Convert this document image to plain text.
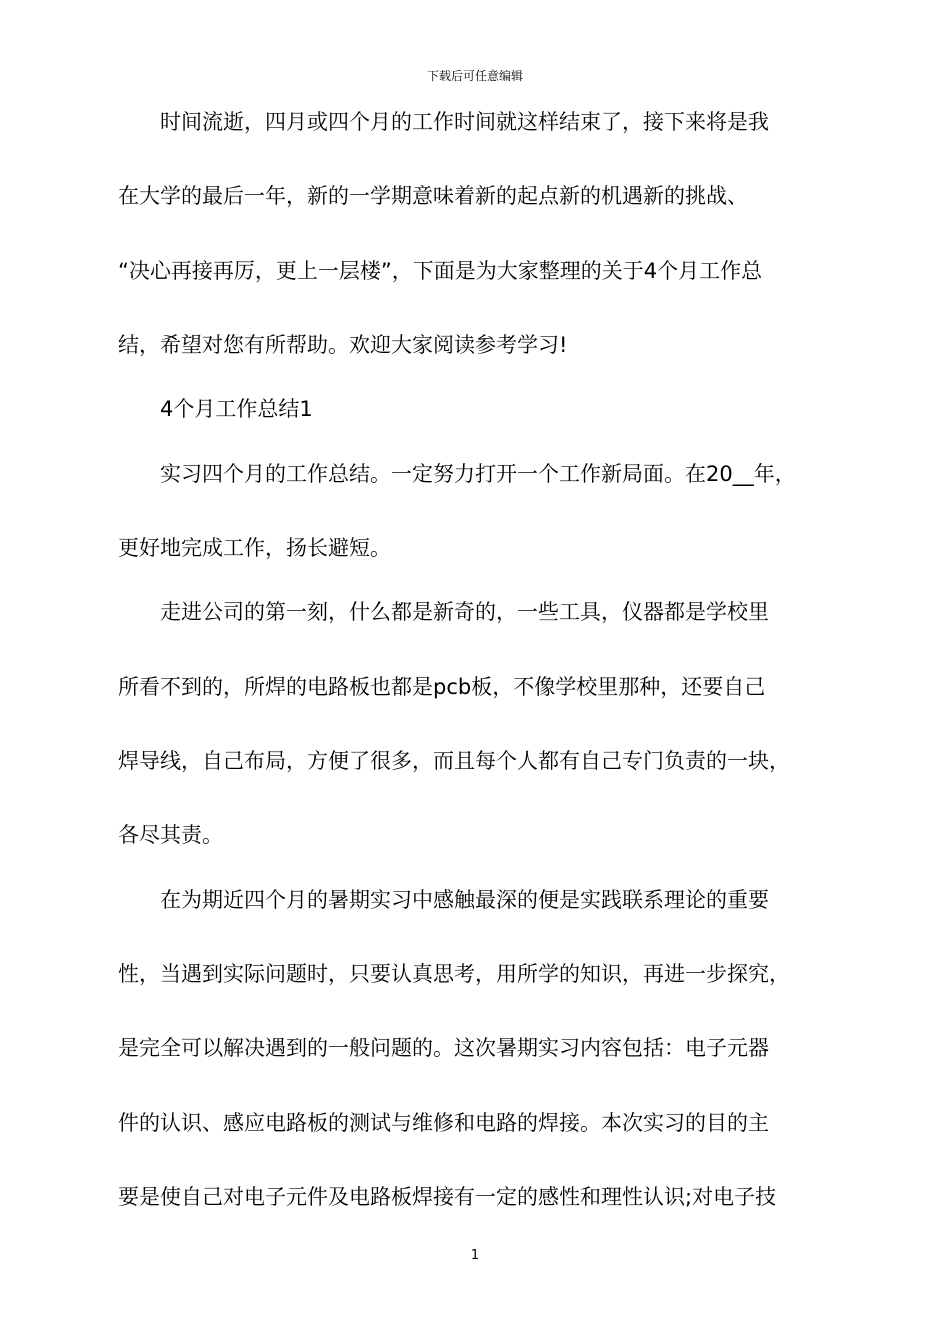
下载后可任意编辑
时间流逝，四月或四个月的工作时间就这样结束了，接下来将是我
在大学的最后一年，新的一学期意味着新的起点新的机遇新的挑战、
“决心再接再厉，更上一层楼”，下面是为大家整理的关于4个月工作总
结，希望对您有所帮助。欢迎大家阅读参考学习!
4个月工作总结1
实习四个月的工作总结。一定努力打开一个工作新局面。在20__年，
更好地完成工作，扬长避短。
走进公司的第一刻，什么都是新奇的，一些工具，仪器都是学校里
所看不到的，所焊的电路板也都是pcb板，不像学校里那种，还要自己
焊导线，自己布局，方便了很多，而且每个人都有自己专门负责的一块，
各尽其责。
在为期近四个月的暑期实习中感触最深的便是实践联系理论的重要
性，当遇到实际问题时，只要认真思考，用所学的知识，再进一步探究，
是完全可以解决遇到的一般问题的。这次暑期实习内容包括：电子元器
件的认识、感应电路板的测试与维修和电路的焊接。本次实习的目的主
要是使自己对电子元件及电路板焊接有一定的感性和理性认识;对电子技
1
